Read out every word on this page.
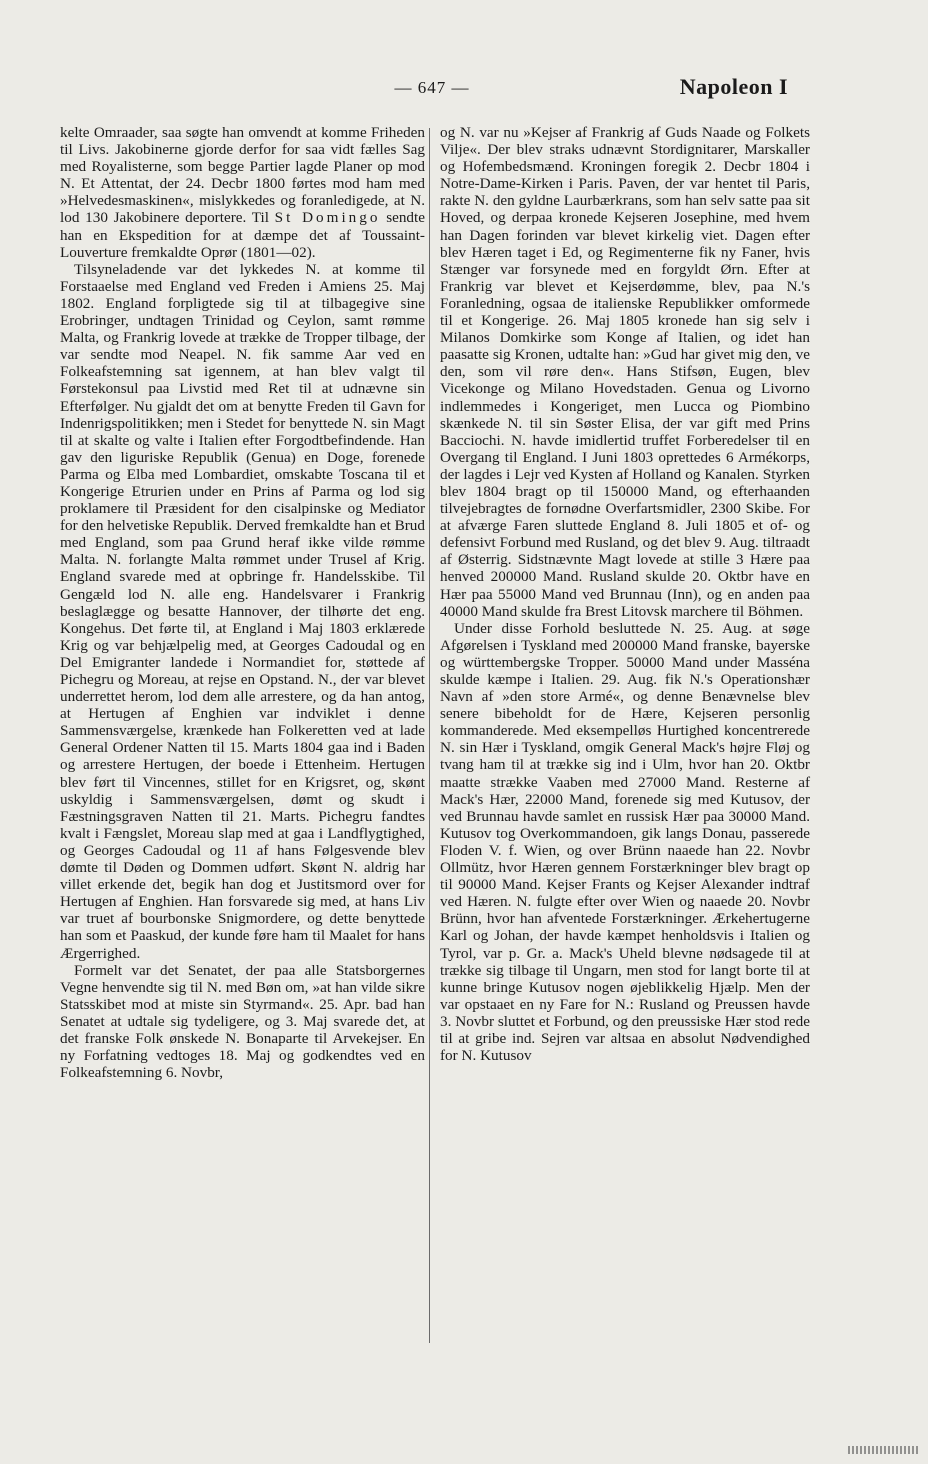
— 647 —	Napoleon I

kelte Omraader, saa søgte han omvendt at komme Friheden til Livs. Jakobinerne gjorde derfor for saa vidt fælles Sag med Royalisterne, som begge Partier lagde Planer op mod N. Et Attentat, der 24. Decbr 1800 førtes mod ham med »Helvedesmaskinen«, mislykkedes og foranledigede, at N. lod 130 Jakobinere deportere. Til St Domingo sendte han en Ekspedition for at dæmpe det af Toussaint-Louverture fremkaldte Oprør (1801—02).

Tilsyneladende var det lykkedes N. at komme til Forstaaelse med England ved Freden i Amiens 25. Maj 1802. England forpligtede sig til at tilbagegive sine Erobringer, undtagen Trinidad og Ceylon, samt rømme Malta, og Frankrig lovede at trække de Tropper tilbage, der var sendte mod Neapel. N. fik samme Aar ved en Folkeafstemning sat igennem, at han blev valgt til Førstekonsul paa Livstid med Ret til at udnævne sin Efterfølger. Nu gjaldt det om at benytte Freden til Gavn for Indenrigspolitikken; men i Stedet for benyttede N. sin Magt til at skalte og valte i Italien efter Forgodtbefindende. Han gav den liguriske Republik (Genua) en Doge, forenede Parma og Elba med Lombardiet, omskabte Toscana til et Kongerige Etrurien under en Prins af Parma og lod sig proklamere til Præsident for den cisalpinske og Mediator for den helvetiske Republik. Derved fremkaldte han et Brud med England, som paa Grund heraf ikke vilde rømme Malta. N. forlangte Malta rømmet under Trusel af Krig. England svarede med at opbringe fr. Handelsskibe. Til Gengæld lod N. alle eng. Handelsvarer i Frankrig beslaglægge og besatte Hannover, der tilhørte det eng. Kongehus. Det førte til, at England i Maj 1803 erklærede Krig og var behjælpelig med, at Georges Cadoudal og en Del Emigranter landede i Normandiet for, støttede af Pichegru og Moreau, at rejse en Opstand. N., der var blevet underrettet herom, lod dem alle arrestere, og da han antog, at Hertugen af Enghien var indviklet i denne Sammensværgelse, krænkede han Folkeretten ved at lade General Ordener Natten til 15. Marts 1804 gaa ind i Baden og arrestere Hertugen, der boede i Ettenheim. Hertugen blev ført til Vincennes, stillet for en Krigsret, og, skønt uskyldig i Sammensværgelsen, dømt og skudt i Fæstningsgraven Natten til 21. Marts. Pichegru fandtes kvalt i Fængslet, Moreau slap med at gaa i Landflygtighed, og Georges Cadoudal og 11 af hans Følgesvende blev dømte til Døden og Dommen udført. Skønt N. aldrig har villet erkende det, begik han dog et Justitsmord over for Hertugen af Enghien. Han forsvarede sig med, at hans Liv var truet af bourbonske Snigmordere, og dette benyttede han som et Paaskud, der kunde føre ham til Maalet for hans Ærgerrighed.

Formelt var det Senatet, der paa alle Statsborgernes Vegne henvendte sig til N. med Bøn om, »at han vilde sikre Statsskibet mod at miste sin Styrmand«. 25. Apr. bad han Senatet at udtale sig tydeligere, og 3. Maj svarede det, at det franske Folk ønskede N. Bonaparte til Arvekejser. En ny Forfatning vedtoges 18. Maj og godkendtes ved en Folkeafstemning 6. Novbr,

og N. var nu »Kejser af Frankrig af Guds Naade og Folkets Vilje«. Der blev straks udnævnt Stordignitarer, Marskaller og Hofembedsmænd. Kroningen foregik 2. Decbr 1804 i Notre-Dame-Kirken i Paris. Paven, der var hentet til Paris, rakte N. den gyldne Laurbærkrans, som han selv satte paa sit Hoved, og derpaa kronede Kejseren Josephine, med hvem han Dagen forinden var blevet kirkelig viet. Dagen efter blev Hæren taget i Ed, og Regimenterne fik ny Faner, hvis Stænger var forsynede med en forgyldt Ørn. Efter at Frankrig var blevet et Kejserdømme, blev, paa N.'s Foranledning, ogsaa de italienske Republikker omformede til et Kongerige. 26. Maj 1805 kronede han sig selv i Milanos Domkirke som Konge af Italien, og idet han paasatte sig Kronen, udtalte han: »Gud har givet mig den, ve den, som vil røre den«. Hans Stifsøn, Eugen, blev Vicekonge og Milano Hovedstaden. Genua og Livorno indlemmedes i Kongeriget, men Lucca og Piombino skænkede N. til sin Søster Elisa, der var gift med Prins Bacciochi. N. havde imidlertid truffet Forberedelser til en Overgang til England. I Juni 1803 oprettedes 6 Armékorps, der lagdes i Lejr ved Kysten af Holland og Kanalen. Styrken blev 1804 bragt op til 150000 Mand, og efterhaanden tilvejebragtes de fornødne Overfartsmidler, 2300 Skibe. For at afværge Faren sluttede England 8. Juli 1805 et of- og defensivt Forbund med Rusland, og det blev 9. Aug. tiltraadt af Østerrig. Sidstnævnte Magt lovede at stille 3 Hære paa henved 200000 Mand. Rusland skulde 20. Oktbr have en Hær paa 55000 Mand ved Brunnau (Inn), og en anden paa 40000 Mand skulde fra Brest Litovsk marchere til Böhmen.

Under disse Forhold besluttede N. 25. Aug. at søge Afgørelsen i Tyskland med 200000 Mand franske, bayerske og württembergske Tropper. 50000 Mand under Masséna skulde kæmpe i Italien. 29. Aug. fik N.'s Operationshær Navn af »den store Armé«, og denne Benævnelse blev senere bibeholdt for de Hære, Kejseren personlig kommanderede. Med eksempelløs Hurtighed koncentrerede N. sin Hær i Tyskland, omgik General Mack's højre Fløj og tvang ham til at trække sig ind i Ulm, hvor han 20. Oktbr maatte strække Vaaben med 27000 Mand. Resterne af Mack's Hær, 22000 Mand, forenede sig med Kutusov, der ved Brunnau havde samlet en russisk Hær paa 30000 Mand. Kutusov tog Overkommandoen, gik langs Donau, passerede Floden V. f. Wien, og over Brünn naaede han 22. Novbr Ollmütz, hvor Hæren gennem Forstærkninger blev bragt op til 90000 Mand. Kejser Frants og Kejser Alexander indtraf ved Hæren. N. fulgte efter over Wien og naaede 20. Novbr Brünn, hvor han afventede Forstærkninger. Ærkehertugerne Karl og Johan, der havde kæmpet henholdsvis i Italien og Tyrol, var p. Gr. a. Mack's Uheld blevne nødsagede til at trække sig tilbage til Ungarn, men stod for langt borte til at kunne bringe Kutusov nogen øjeblikkelig Hjælp. Men der var opstaaet en ny Fare for N.: Rusland og Preussen havde 3. Novbr sluttet et Forbund, og den preussiske Hær stod rede til at gribe ind. Sejren var altsaa en absolut Nødvendighed for N. Kutusov
